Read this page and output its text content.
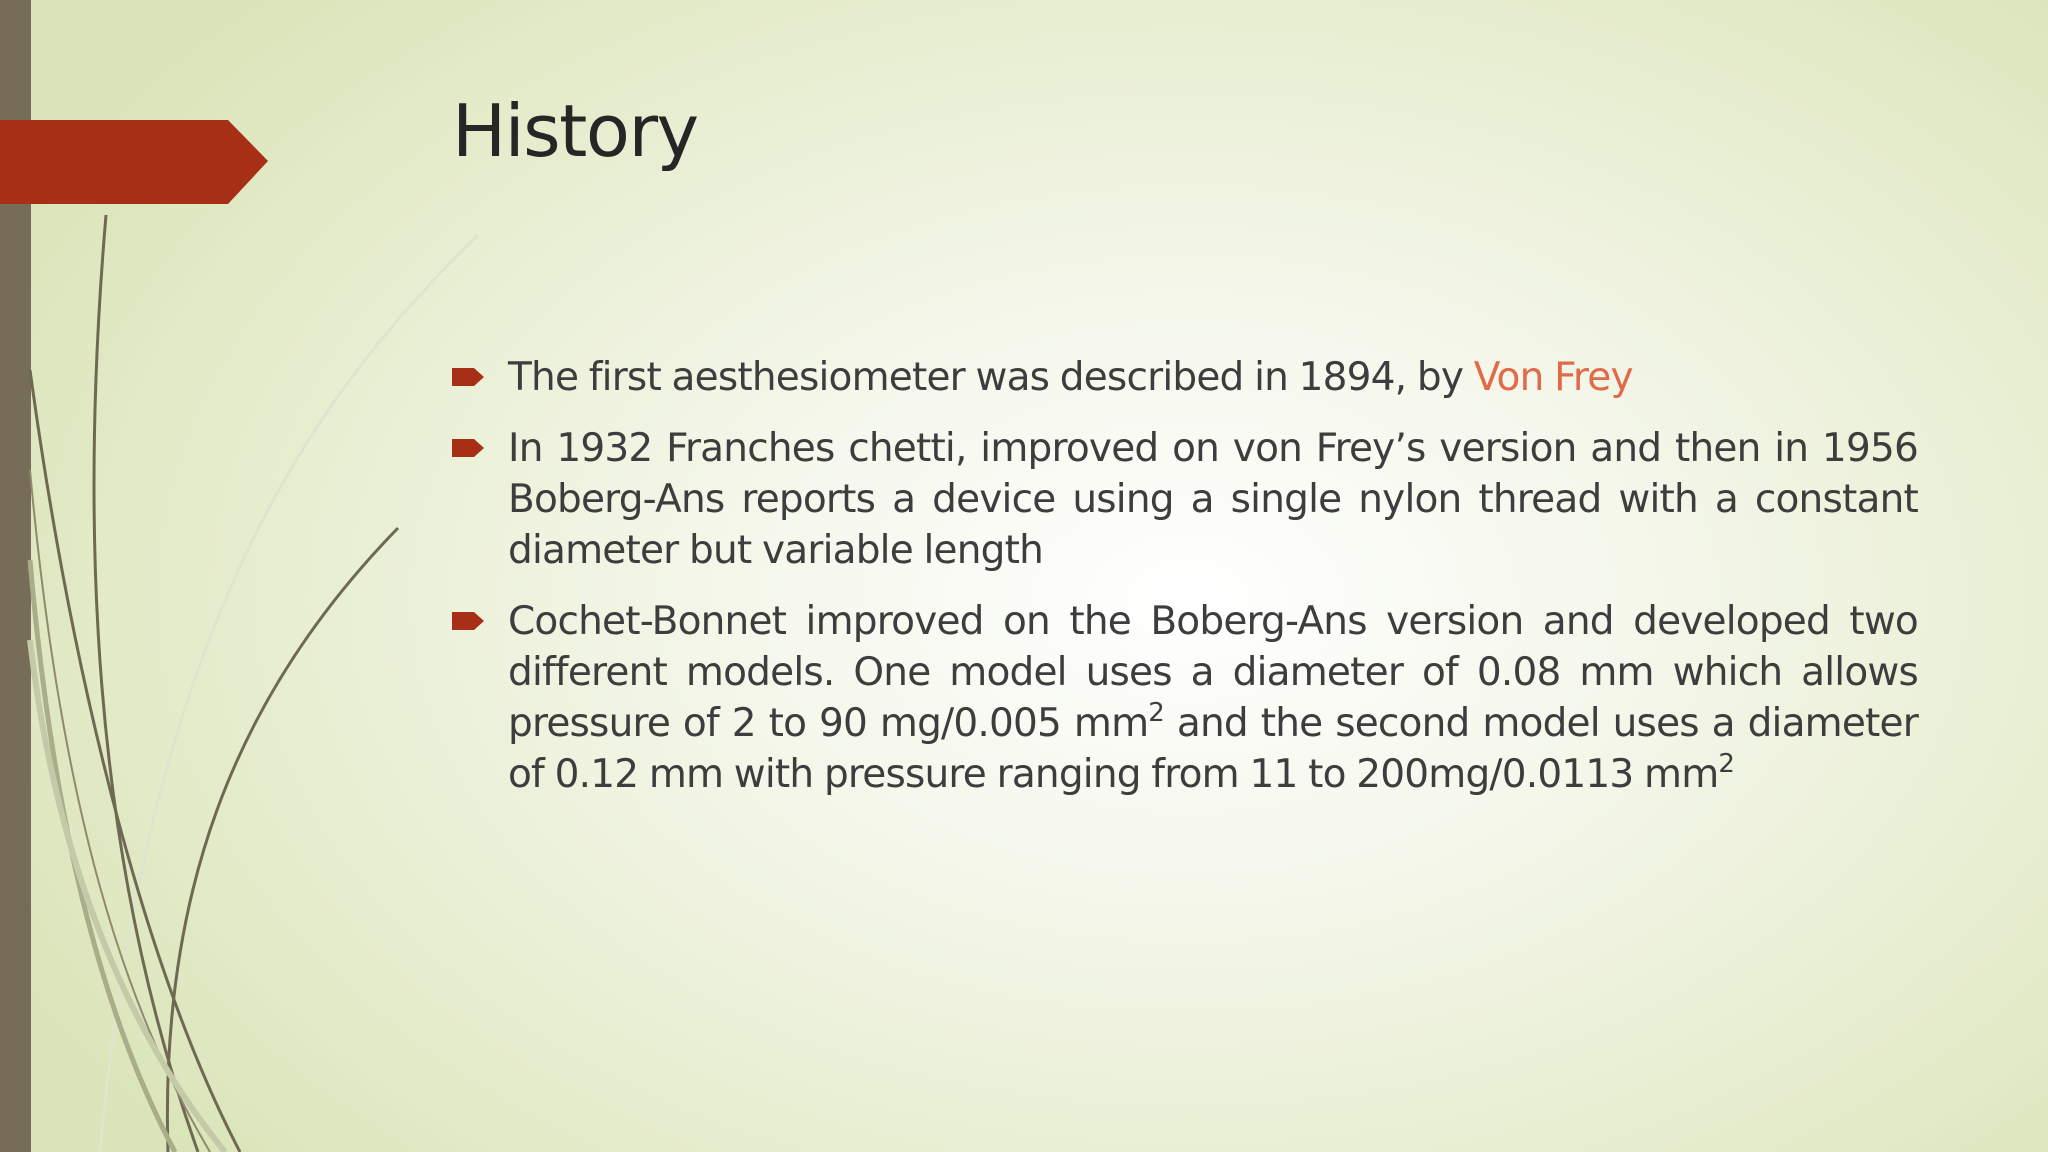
History
The first aesthesiometer was described in 1894, by Von Frey
In 1932 Franches chetti, improved on von Frey’s version and then in 1956 Boberg-Ans reports a device using a single nylon thread with a constant diameter but variable length
Cochet-Bonnet improved on the Boberg-Ans version and developed two different models. One model uses a diameter of 0.08 mm which allows pressure of 2 to 90 mg/0.005 $mm^2$ and the second model uses a diameter of 0.12 mm with pressure ranging from 11 to 200mg/0.0113 $mm^2$
